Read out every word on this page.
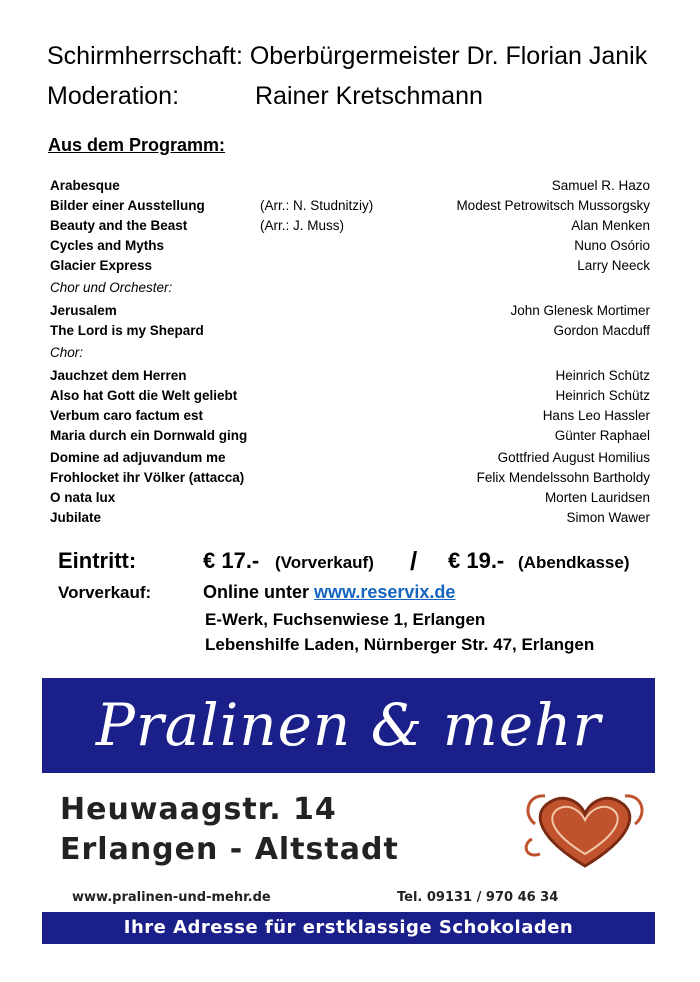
Schirmherrschaft: Oberbürgermeister Dr. Florian Janik
Moderation:	Rainer Kretschmann
Aus dem Programm:
Arabesque	Samuel R. Hazo
Bilder einer Ausstellung	(Arr.: N. Studnitziy)	Modest Petrowitsch Mussorgsky
Beauty and the Beast	(Arr.: J. Muss)	Alan Menken
Cycles and Myths	Nuno Osório
Glacier Express	Larry Neeck
Chor und Orchester:
Jerusalem	John Glenesk Mortimer
The Lord is my Shepard	Gordon Macduff
Chor:
Jauchzet dem Herren	Heinrich Schütz
Also hat Gott die Welt geliebt	Heinrich Schütz
Verbum caro factum est	Hans Leo Hassler
Maria durch ein Dornwald ging	Günter Raphael
Domine ad adjuvandum me	Gottfried August Homilius
Frohlocket ihr Völker (attacca)	Felix Mendelssohn Bartholdy
O nata lux	Morten Lauridsen
Jubilate	Simon Wawer
Eintritt:	€ 17.- (Vorverkauf) / € 19.- (Abendkasse)
Vorverkauf:	Online unter www.reservix.de
E-Werk, Fuchsenwiese 1, Erlangen
Lebenshilfe Laden, Nürnberger Str. 47, Erlangen
Pralinen & mehr
Heuwaagstr. 14
Erlangen - Altstadt
www.pralinen-und-mehr.de	Tel. 09131 / 970 46 34
Ihre Adresse für erstklassige Schokoladen
